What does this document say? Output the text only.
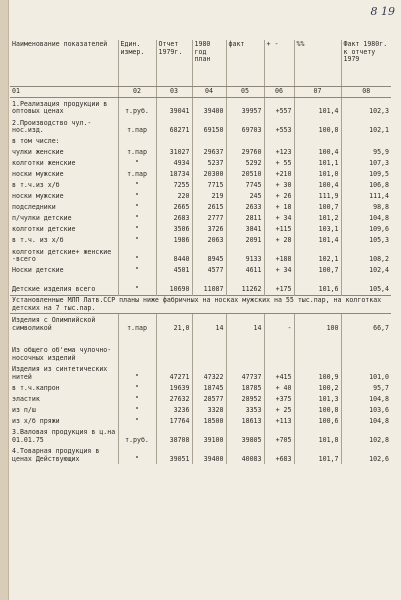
8 19
Наименование показателей	Един. измер.	Отчет 1979г.	1980 год план	факт	+ -	%%	Факт 1980г. к отчету 1979
01	02	03	04	05	06	07	08
1.Реализация продукции в оптовых ценах	т.руб.	39041	39400	39957	+557	101,4	102,3
2.Производство чул.-нос.изд.	т.пар	68271	69150	69703	+553	100,8	102,1
в том числе:							
чулки женские	т.пар	31027	29637	29760	+123	100,4	95,9
колготки женские	"	4934	5237	5292	+ 55	101,1	107,3
носки мужские	т.пар	18734	20300	20510	+210	101,0	109,5
в т.ч.из х/б	"	7255	7715	7745	+ 30	100,4	106,8
носки мужские	"	220	219	245	+ 26	111,9	111,4
подследники	"	2665	2615	2633	+ 18	100,7	98,8
п/чулки детские	"	2683	2777	2811	+ 34	101,2	104,8
колготки детские	"	3506	3726	3841	+115	103,1	109,6
в т.ч. из х/б	"	1986	2063	2091	+ 28	101,4	105,3
колготки детские+ женские -всего	"	8440	8945	9133	+188	102,1	108,2
Носки детские	"	4501	4577	4611	+ 34	100,7	102,4
Детские изделия всего	"	10690	11087	11262	+175	101,6	105,4
Установленные МЛП Латв.ССР планы ниже фабричных на носках мужских на 55 тыс.пар, на колготках детских на 7 тыс.пар.							
Изделия с Олимпийской символикой	т.пар	21,0	14	14	-	100	66,7

Из общего об'ема чулочно-носочных изделий							
Изделия из синтетических нитей	"	47271	47322	47737	+415	100,9	101,0
в т.ч.капрон	"	19639	18745	18785	+ 40	100,2	95,7
эластик	"	27632	28577	28952	+375	101,3	104,8
из п/ш	"	3236	3328	3353	+ 25	100,8	103,6
из х/б пряжи	"	17764	18500	18613	+113	100,6	104,8
3.Валовая продукция в ц.на 01.01.75	т.руб.	38708	39100	39805	+705	101,8	102,8
4.Товарная продукция в ценах Действующих	"	39051	39400	40083	+683	101,7	102,6
